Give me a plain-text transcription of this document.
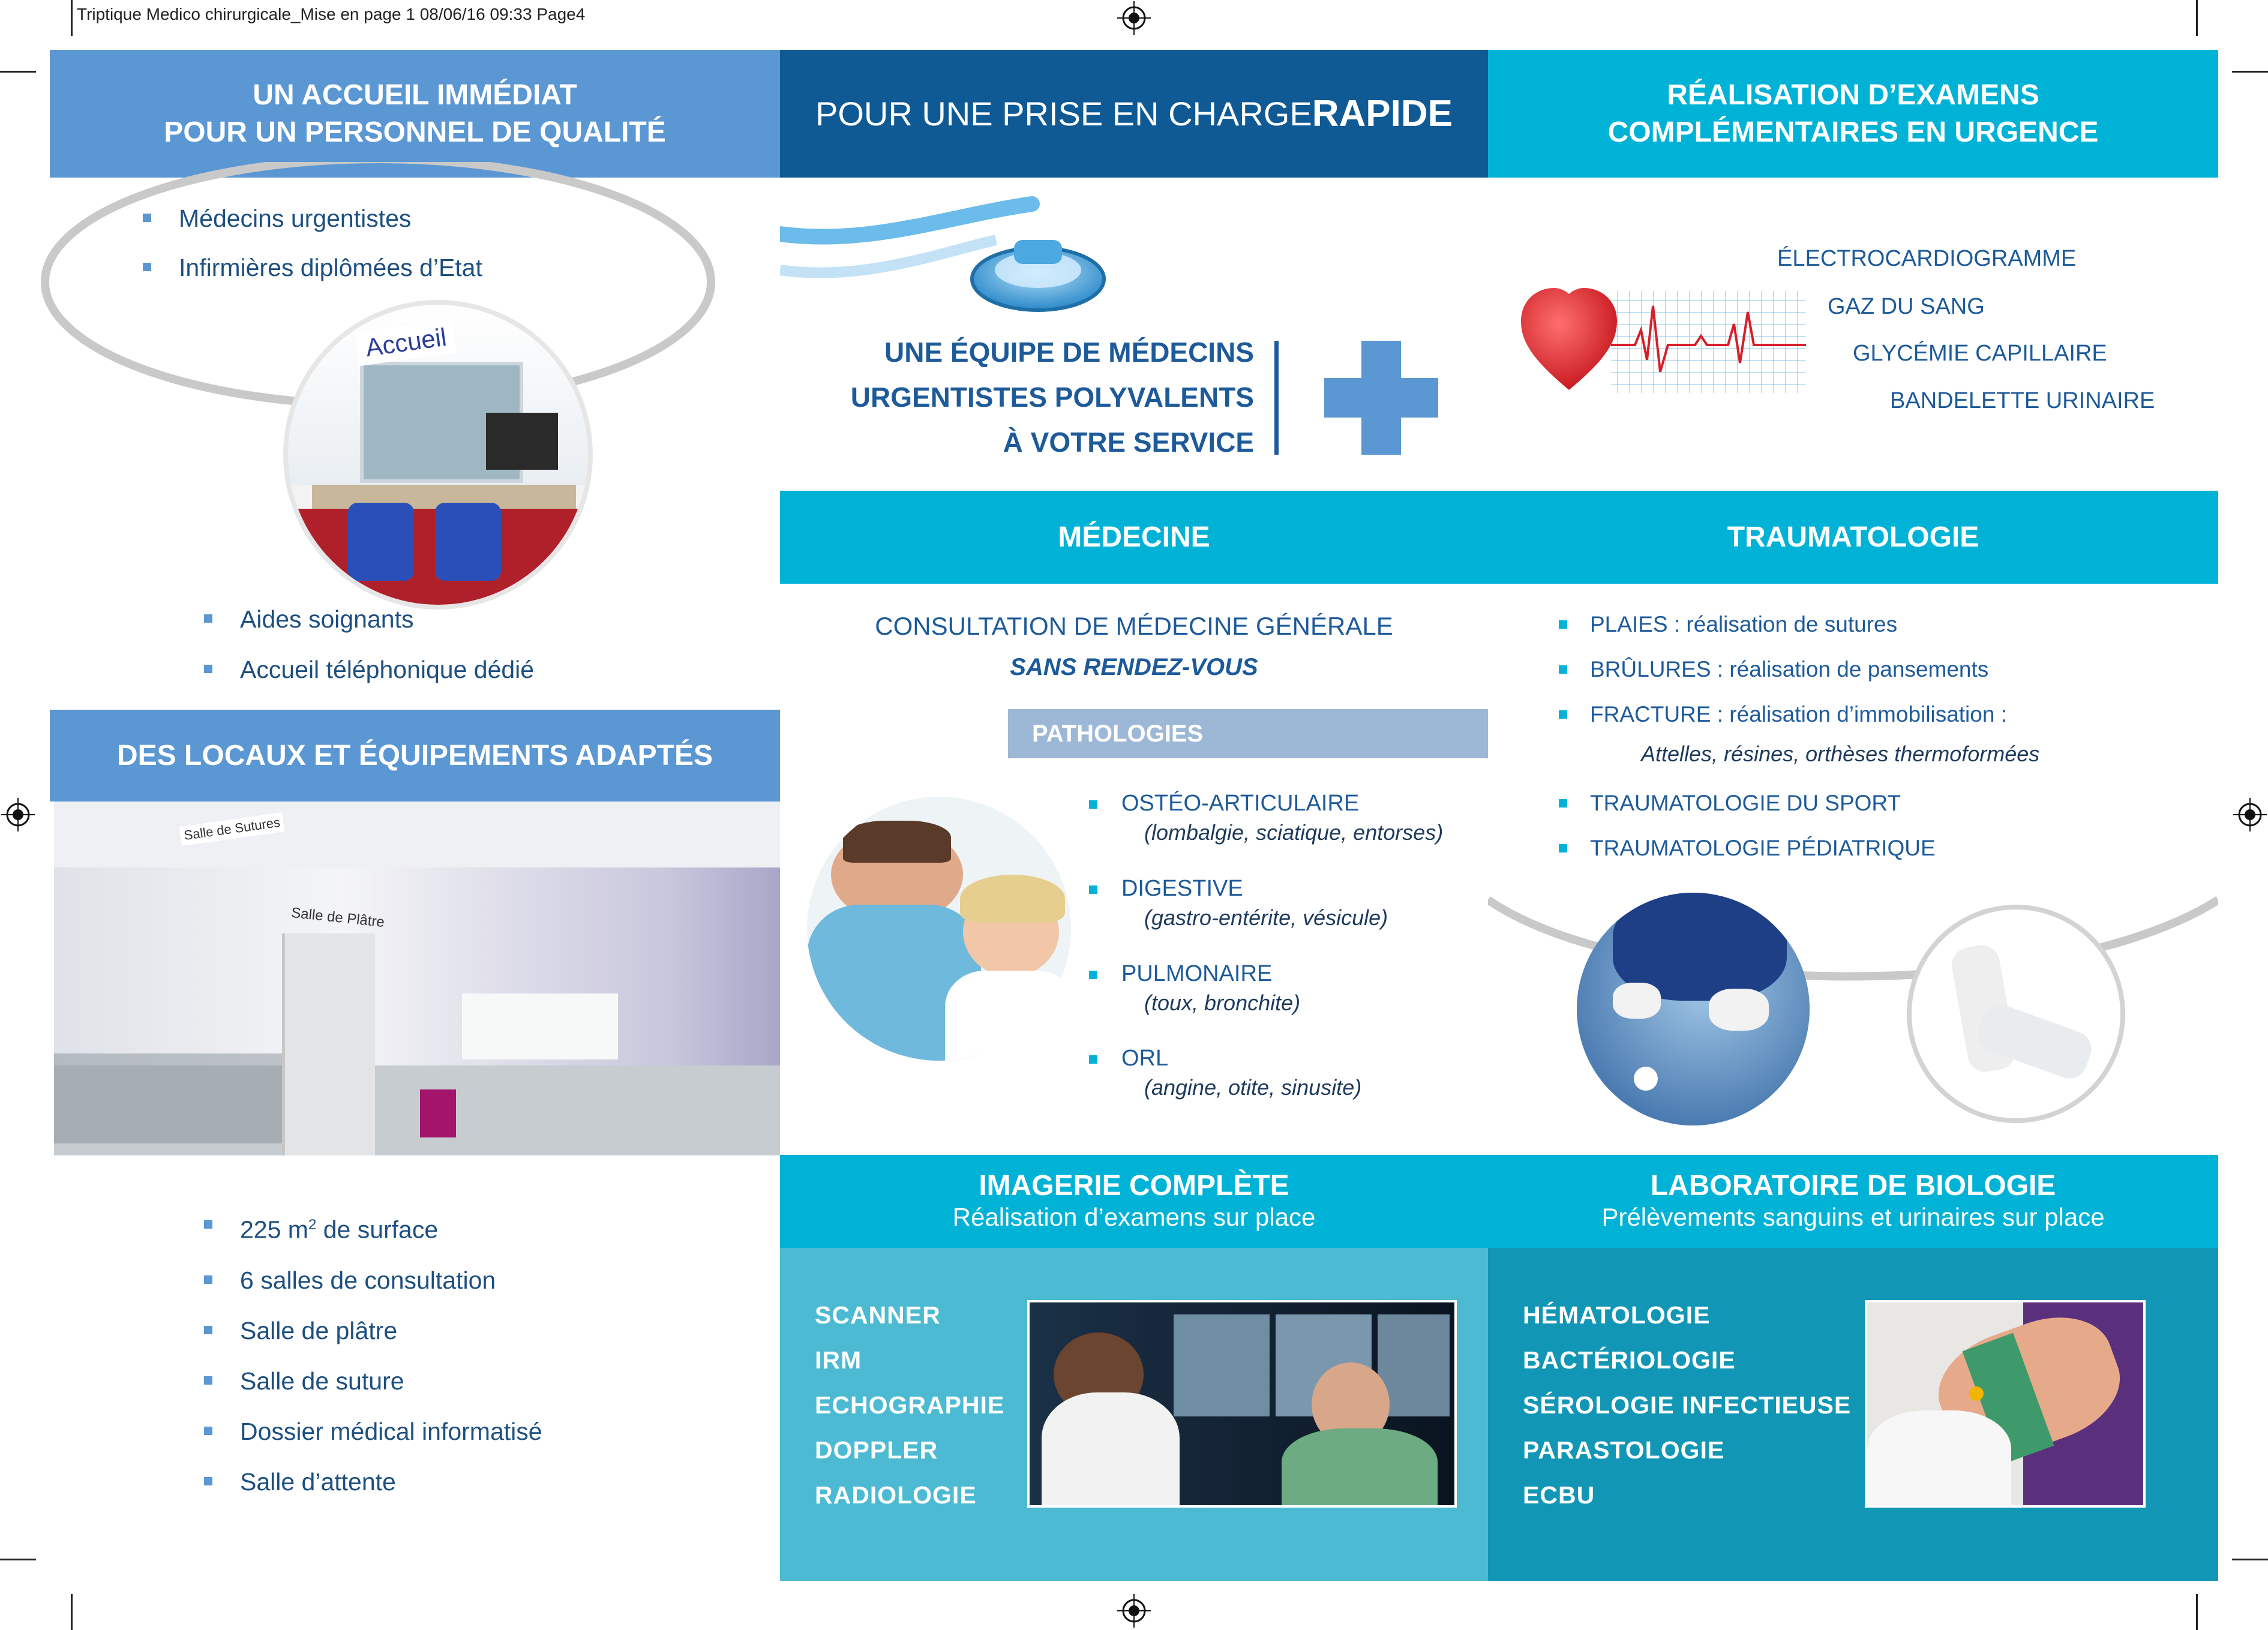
Triptique Medico chirurgicale_Mise en page 1 08/06/16 09:33 Page4
UN ACCUEIL IMMÉDIAT
POUR UN PERSONNEL DE QUALITÉ
Médecins urgentistes
Infirmières diplômées d’Etat
Accueil
Aides soignants
Accueil téléphonique dédié
DES LOCAUX ET ÉQUIPEMENTS ADAPTÉS
Salle de Sutures
Salle de Plâtre
225 $m^2$ de surface
6 salles de consultation
Salle de plâtre
Salle de suture
Dossier médical informatisé
Salle d’attente
POUR UNE PRISE EN CHARGE RAPIDE
UNE ÉQUIPE DE MÉDECINS
URGENTISTES POLYVALENTS
À VOTRE SERVICE
RÉALISATION D’EXAMENS
COMPLÉMENTAIRES EN URGENCE
ÉLECTROCARDIOGRAMME
GAZ DU SANG
GLYCÉMIE CAPILLAIRE
BANDELETTE URINAIRE
MÉDECINE	TRAUMATOLOGIE
CONSULTATION DE MÉDECINE GÉNÉRALE
SANS RENDEZ-VOUS
PATHOLOGIES
OSTÉO-ARTICULAIRE
(lombalgie, sciatique, entorses)
DIGESTIVE
(gastro-entérite, vésicule)
PULMONAIRE
(toux, bronchite)
ORL
(angine, otite, sinusite)
PLAIES : réalisation de sutures
BRÛLURES : réalisation de pansements
FRACTURE : réalisation d’immobilisation :
Attelles, résines, orthèses thermoformées
TRAUMATOLOGIE DU SPORT
TRAUMATOLOGIE PÉDIATRIQUE
IMAGERIE COMPLÈTE
Réalisation d’examens sur place
LABORATOIRE DE BIOLOGIE
Prélèvements sanguins et urinaires sur place
SCANNER
IRM
ECHOGRAPHIE
DOPPLER
RADIOLOGIE
HÉMATOLOGIE
BACTÉRIOLOGIE
SÉROLOGIE INFECTIEUSE
PARASTOLOGIE
ECBU
